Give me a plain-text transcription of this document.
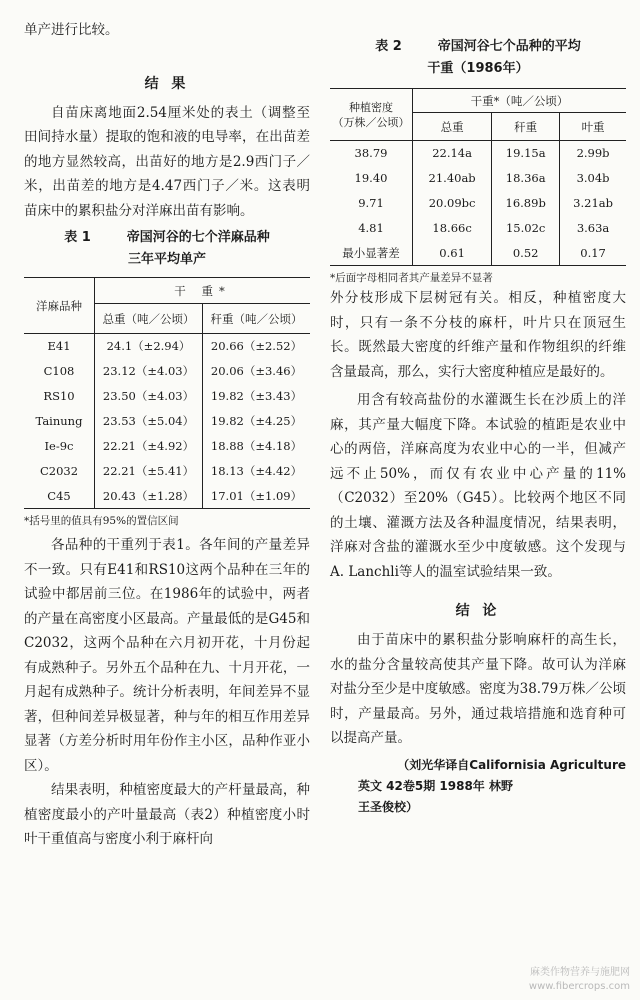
单产进行比较。

结 果

自苗床离地面2.54厘米处的表土（调整至田间持水量）提取的饱和液的电导率，在出苗差的地方显然较高，出苗好的地方是2.9西门子／米，出苗差的地方是4.47西门子／米。这表明苗床中的累积盐分对洋麻出苗有影响。

表 1	帝国河谷的七个洋麻品种
三年平均单产
洋麻品种	干 重*	
	总重（吨／公顷）	秆重（吨／公顷）
E41	24.1（±2.94）	20.66（±2.52）
C108	23.12（±4.03）	20.06（±3.46）
RS10	23.50（±4.03）	19.82（±3.43）
Tainung	23.53（±5.04）	19.82（±4.25）
Ie-9c	22.21（±4.92）	18.88（±4.18）
C2032	22.21（±5.41）	18.13（±4.42）
C45	20.43（±1.28）	17.01（±1.09）

*括号里的值具有95%的置信区间

各品种的干重列于表1。各年间的产量差异不一致。只有E41和RS10这两个品种在三年的试验中都居前三位。在1986年的试验中，两者的产量在高密度小区最高。产量最低的是G45和C2032，这两个品种在六月初开花，十月份起有成熟种子。另外五个品种在九、十月开花，一月起有成熟种子。统计分析表明，年间差异不显著，但种间差异极显著，种与年的相互作用差异显著（方差分析时用年份作主小区，品种作亚小区）。

结果表明，种植密度最大的产杆量最高，种植密度最小的产叶量最高（表2）种植密度小时叶干重值高与密度小利于麻杆向

表 2	帝国河谷七个品种的平均
干重（1986年）
种植密度
（万株／公顷）	干重*（吨／公顷）		
	总重	秆重	叶重
38.79	22.14a	19.15a	2.99b
19.40	21.40ab	18.36a	3.04b
9.71	20.09bc	16.89b	3.21ab
4.81	18.66c	15.02c	3.63a
最小显著差	0.61	0.52	0.17

*后面字母相同者其产量差异不显著

外分枝形成下层树冠有关。相反，种植密度大时，只有一条不分枝的麻杆，叶片只在顶冠生长。既然最大密度的纤维产量和作物组织的纤维含量最高，那么，实行大密度种植应是最好的。

用含有较高盐份的水灌溉生长在沙质上的洋麻，其产量大幅度下降。本试验的植距是农业中心的两倍，洋麻高度为农业中心的一半，但减产远不止50%，而仅有农业中心产量的11%（C2032）至20%（G45）。比较两个地区不同的土壤、灌溉方法及各种温度情况，结果表明，洋麻对含盐的灌溉水至少中度敏感。这个发现与A. Lanchli等人的温室试验结果一致。

结 论

由于苗床中的累积盐分影响麻杆的高生长，水的盐分含量较高使其产量下降。故可认为洋麻对盐分至少是中度敏感。密度为38.79万株／公顷时，产量最高。另外，通过栽培措施和选育种可以提高产量。

（刘光华译自Californisia Agriculture

英文 42卷5期 1988年 林野

王圣俊校）

麻类作物营养与施肥网
www.fibercrops.com
